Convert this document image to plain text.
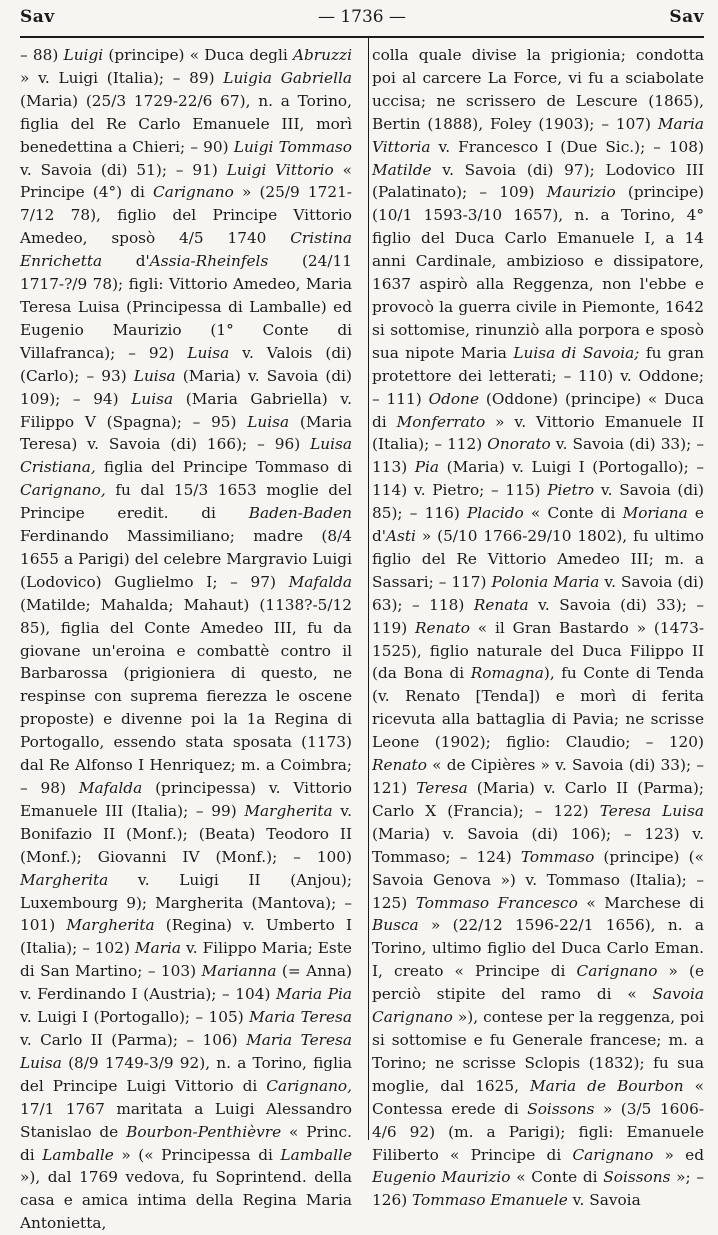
Sav	— 1736 —	Sav
– 88) Luigi (principe) « Duca degli Abruzzi » v. Luigi (Italia); – 89) Luigia Gabriella (Maria) (25/3 1729-22/6 67), n. a Torino, figlia del Re Carlo Emanuele III, morì benedettina a Chieri; – 90) Luigi Tommaso v. Savoia (di) 51); – 91) Luigi Vittorio « Principe (4°) di Carignano » (25/9 1721-7/12 78), figlio del Principe Vittorio Amedeo, sposò 4/5 1740 Cristina Enrichetta d'Assia-Rheinfels (24/11 1717-?/9 78); figli: Vittorio Amedeo, Maria Teresa Luisa (Principessa di Lamballe) ed Eugenio Maurizio (1° Conte di Villafranca); – 92) Luisa v. Valois (di) (Carlo); – 93) Luisa (Maria) v. Savoia (di) 109); – 94) Luisa (Maria Gabriella) v. Filippo V (Spagna); – 95) Luisa (Maria Teresa) v. Savoia (di) 166); – 96) Luisa Cristiana, figlia del Principe Tommaso di Carignano, fu dal 15/3 1653 moglie del Principe eredit. di Baden-Baden Ferdinando Massimiliano; madre (8/4 1655 a Parigi) del celebre Margravio Luigi (Lodovico) Guglielmo I; – 97) Mafalda (Matilde; Mahalda; Mahaut) (1138?-5/12 85), figlia del Conte Amedeo III, fu da giovane un'eroina e combattè contro il Barbarossa (prigioniera di questo, ne respinse con suprema fierezza le oscene proposte) e divenne poi la 1a Regina di Portogallo, essendo stata sposata (1173) dal Re Alfonso I Henriquez; m. a Coimbra; – 98) Mafalda (principessa) v. Vittorio Emanuele III (Italia); – 99) Margherita v. Bonifazio II (Monf.); (Beata) Teodoro II (Monf.); Giovanni IV (Monf.); – 100) Margherita v. Luigi II (Anjou); Luxembourg 9); Margherita (Mantova); – 101) Margherita (Regina) v. Umberto I (Italia); – 102) Maria v. Filippo Maria; Este di San Martino; – 103) Marianna (= Anna) v. Ferdinando I (Austria); – 104) Maria Pia v. Luigi I (Portogallo); – 105) Maria Teresa v. Carlo II (Parma); – 106) Maria Teresa Luisa (8/9 1749-3/9 92), n. a Torino, figlia del Principe Luigi Vittorio di Carignano, 17/1 1767 maritata a Luigi Alessandro Stanislao de Bourbon-Penthièvre « Princ. di Lamballe » (« Principessa di Lamballe »), dal 1769 vedova, fu Soprintend. della casa e amica intima della Regina Maria Antonietta,
colla quale divise la prigionia; condotta poi al carcere La Force, vi fu a sciabolate uccisa; ne scrissero de Lescure (1865), Bertin (1888), Foley (1903); – 107) Maria Vittoria v. Francesco I (Due Sic.); – 108) Matilde v. Savoia (di) 97); Lodovico III (Palatinato); – 109) Maurizio (principe) (10/1 1593-3/10 1657), n. a Torino, 4° figlio del Duca Carlo Emanuele I, a 14 anni Cardinale, ambizioso e dissipatore, 1637 aspirò alla Reggenza, non l'ebbe e provocò la guerra civile in Piemonte, 1642 si sottomise, rinunziò alla porpora e sposò sua nipote Maria Luisa di Savoia; fu gran protettore dei letterati; – 110) v. Oddone; – 111) Odone (Oddone) (principe) « Duca di Monferrato » v. Vittorio Emanuele II (Italia); – 112) Onorato v. Savoia (di) 33); – 113) Pia (Maria) v. Luigi I (Portogallo); – 114) v. Pietro; – 115) Pietro v. Savoia (di) 85); – 116) Placido « Conte di Moriana e d'Asti » (5/10 1766-29/10 1802), fu ultimo figlio del Re Vittorio Amedeo III; m. a Sassari; – 117) Polonia Maria v. Savoia (di) 63); – 118) Renata v. Savoia (di) 33); – 119) Renato « il Gran Bastardo » (1473-1525), figlio naturale del Duca Filippo II (da Bona di Romagna), fu Conte di Tenda (v. Renato [Tenda]) e morì di ferita ricevuta alla battaglia di Pavia; ne scrisse Leone (1902); figlio: Claudio; – 120) Renato « de Cipières » v. Savoia (di) 33); – 121) Teresa (Maria) v. Carlo II (Parma); Carlo X (Francia); – 122) Teresa Luisa (Maria) v. Savoia (di) 106); – 123) v. Tommaso; – 124) Tommaso (principe) (« Savoia Genova ») v. Tommaso (Italia); – 125) Tommaso Francesco « Marchese di Busca » (22/12 1596-22/1 1656), n. a Torino, ultimo figlio del Duca Carlo Eman. I, creato « Principe di Carignano » (e perciò stipite del ramo di « Savoia Carignano »), contese per la reggenza, poi si sottomise e fu Generale francese; m. a Torino; ne scrisse Sclopis (1832); fu sua moglie, dal 1625, Maria de Bourbon « Contessa erede di Soissons » (3/5 1606-4/6 92) (m. a Parigi); figli: Emanuele Filiberto « Principe di Carignano » ed Eugenio Maurizio « Conte di Soissons »; – 126) Tommaso Emanuele v. Savoia
